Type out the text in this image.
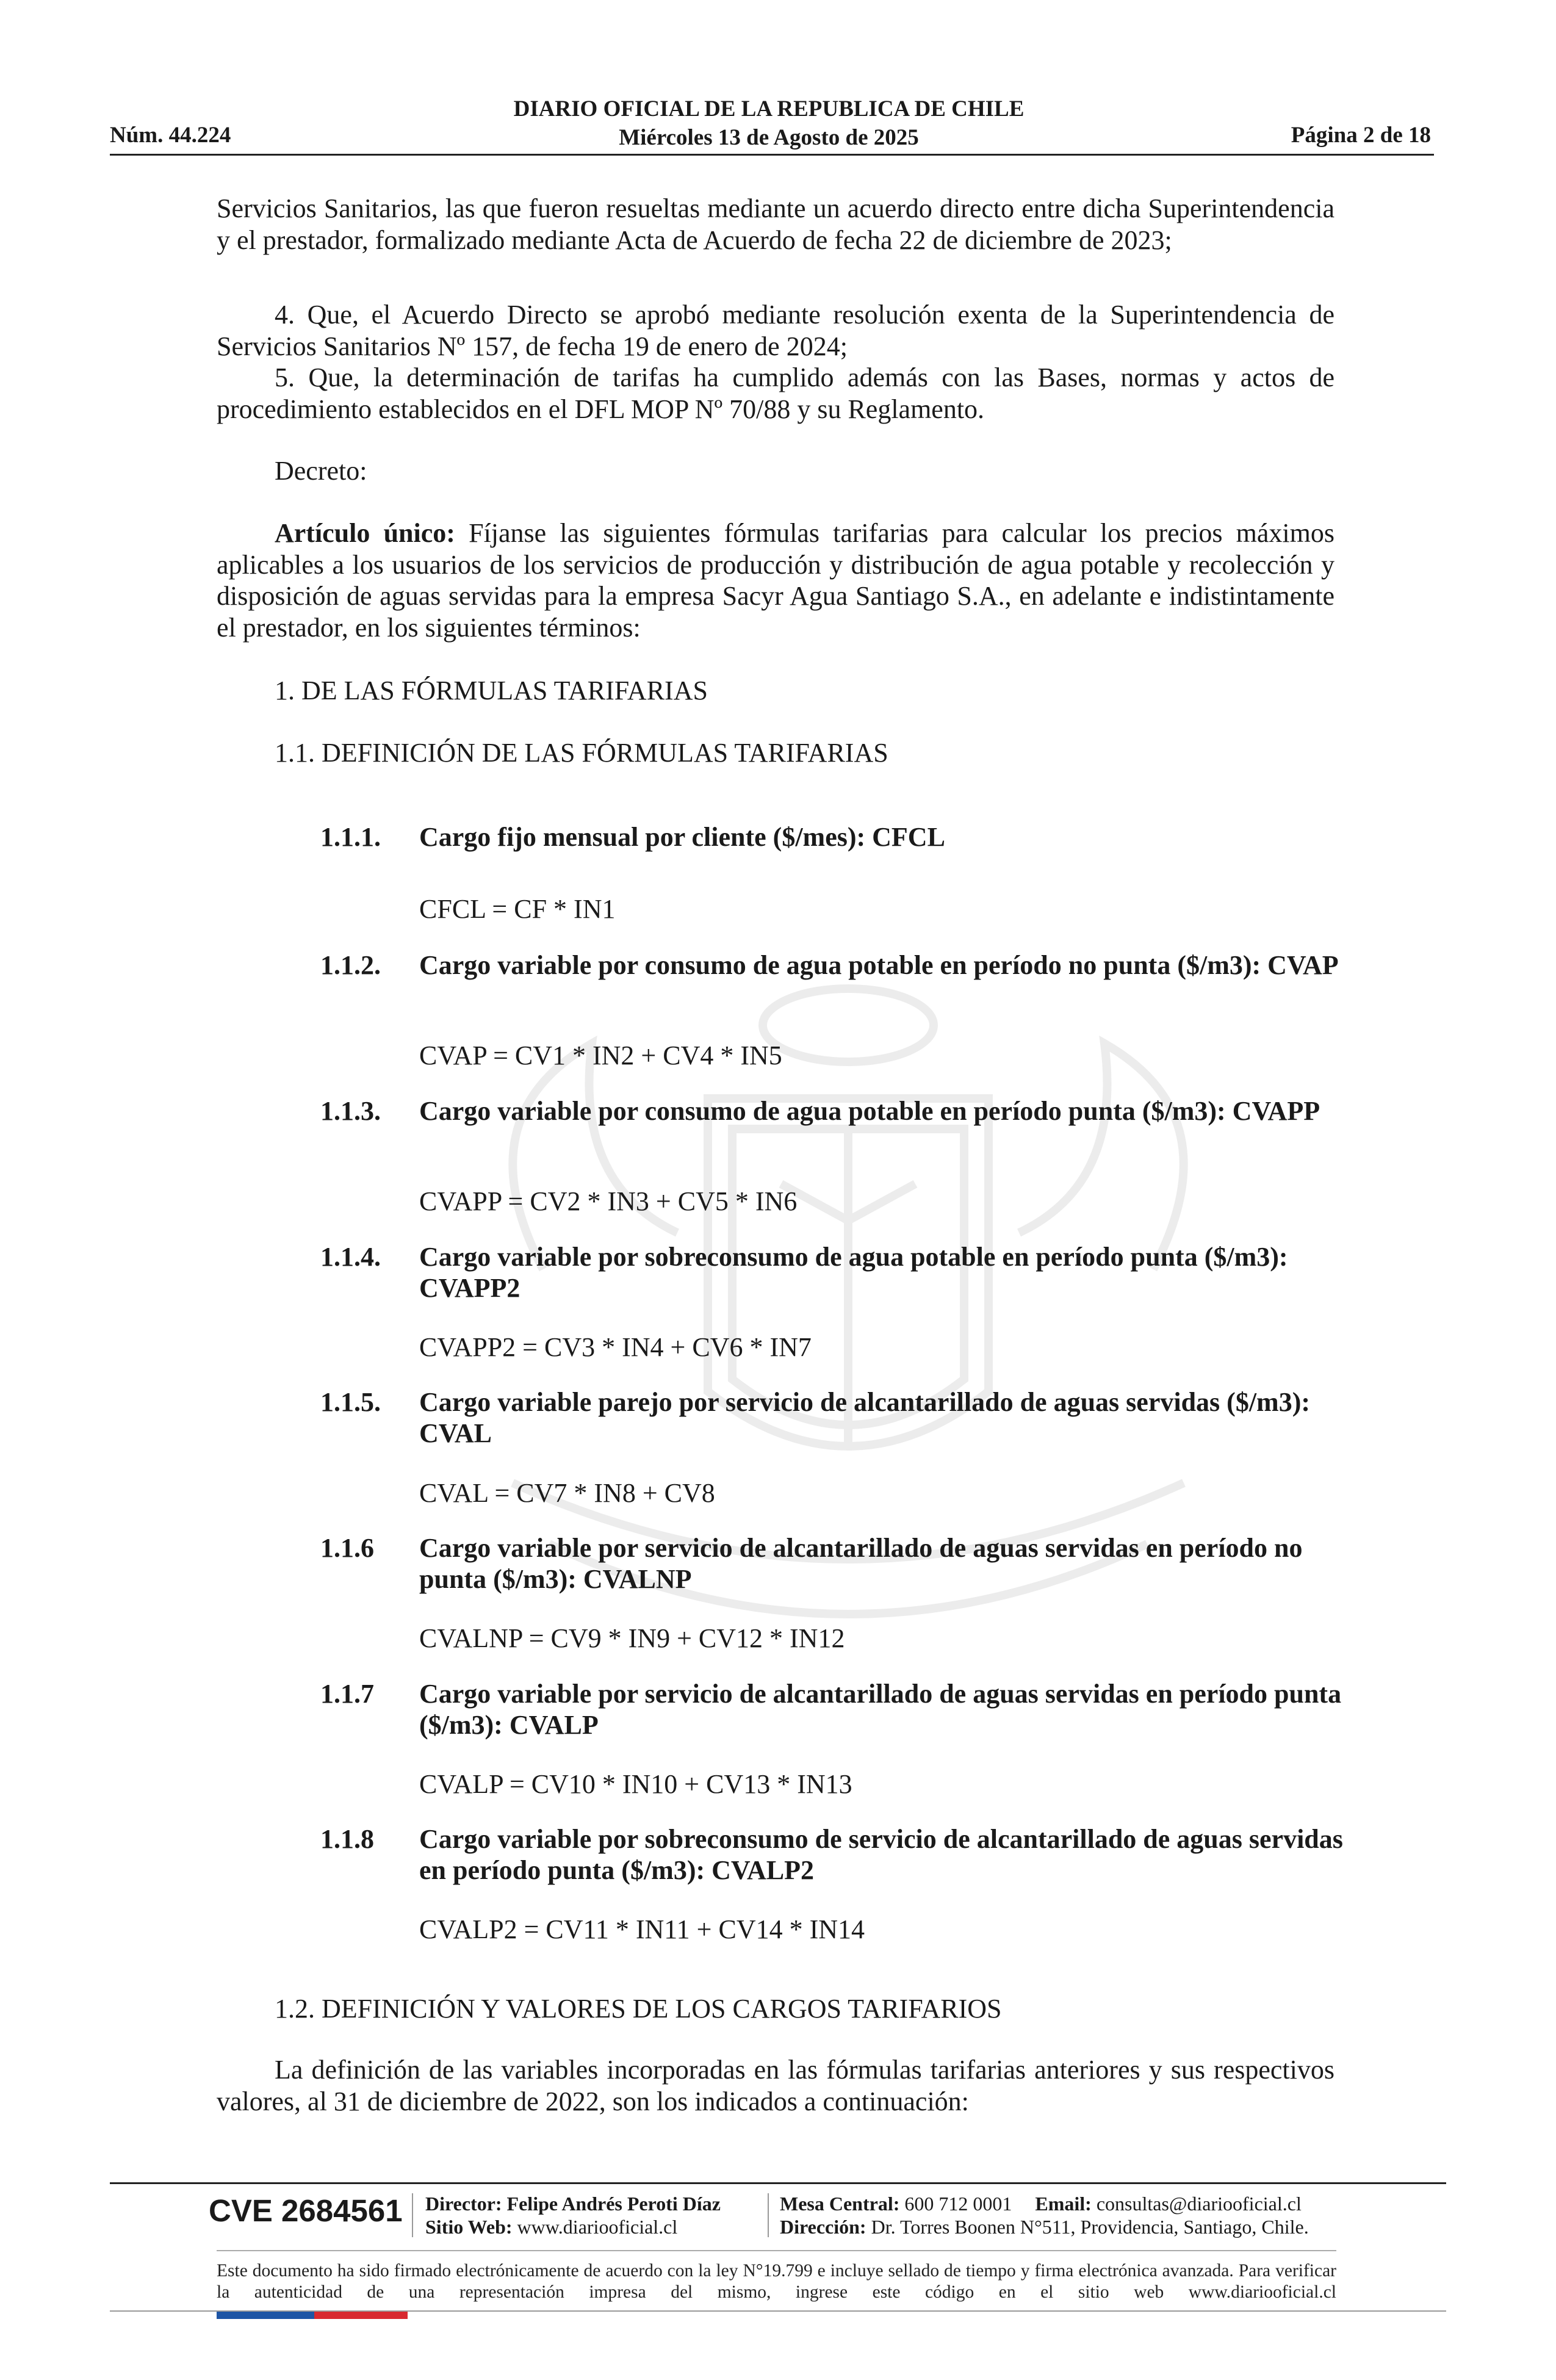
Núm. 44.224
DIARIO OFICIAL DE LA REPUBLICA DE CHILE
Miércoles 13 de Agosto de 2025	Página 2 de 18

Servicios Sanitarios, las que fueron resueltas mediante un acuerdo directo entre dicha Superintendencia y el prestador, formalizado mediante Acta de Acuerdo de fecha 22 de diciembre de 2023;

4. Que, el Acuerdo Directo se aprobó mediante resolución exenta de la Superintendencia de Servicios Sanitarios Nº 157, de fecha 19 de enero de 2024;

5. Que, la determinación de tarifas ha cumplido además con las Bases, normas y actos de procedimiento establecidos en el DFL MOP Nº 70/88 y su Reglamento.

Decreto:

Artículo único: Fíjanse las siguientes fórmulas tarifarias para calcular los precios máximos aplicables a los usuarios de los servicios de producción y distribución de agua potable y recolección y disposición de aguas servidas para la empresa Sacyr Agua Santiago S.A., en adelante e indistintamente el prestador, en los siguientes términos:

1. DE LAS FÓRMULAS TARIFARIAS

1.1. DEFINICIÓN DE LAS FÓRMULAS TARIFARIAS

1.1.1. Cargo fijo mensual por cliente ($/mes): CFCL

CFCL = CF * IN1
1.1.2. Cargo variable por consumo de agua potable en período no punta ($/m3): CVAP

CVAP = CV1 * IN2 + CV4 * IN5
1.1.3. Cargo variable por consumo de agua potable en período punta ($/m3): CVAPP

CVAPP = CV2 * IN3 + CV5 * IN6
1.1.4. Cargo variable por sobreconsumo de agua potable en período punta ($/m3): CVAPP2

CVAPP2 = CV3 * IN4 + CV6 * IN7
1.1.5. Cargo variable parejo por servicio de alcantarillado de aguas servidas ($/m3): CVAL

CVAL = CV7 * IN8 + CV8
1.1.6 Cargo variable por servicio de alcantarillado de aguas servidas en período no punta ($/m3): CVALNP

CVALNP = CV9 * IN9 + CV12 * IN12
1.1.7 Cargo variable por servicio de alcantarillado de aguas servidas en período punta ($/m3): CVALP

CVALP = CV10 * IN10 + CV13 * IN13
1.1.8 Cargo variable por sobreconsumo de servicio de alcantarillado de aguas servidas en período punta ($/m3): CVALP2

CVALP2 = CV11 * IN11 + CV14 * IN14

1.2. DEFINICIÓN Y VALORES DE LOS CARGOS TARIFARIOS

La definición de las variables incorporadas en las fórmulas tarifarias anteriores y sus respectivos valores, al 31 de diciembre de 2022, son los indicados a continuación:

CVE 2684561 Director: Felipe Andrés Peroti Díaz
Sitio Web: www.diariooficial.cl
Mesa Central: 600 712 0001 Email: consultas@diariooficial.cl
Dirección: Dr. Torres Boonen N°511, Providencia, Santiago, Chile.
Este documento ha sido firmado electrónicamente de acuerdo con la ley N°19.799 e incluye sellado de tiempo y firma electrónica avanzada. Para verificar la autenticidad de una representación impresa del mismo, ingrese este código en el sitio web www.diariooficial.cl
